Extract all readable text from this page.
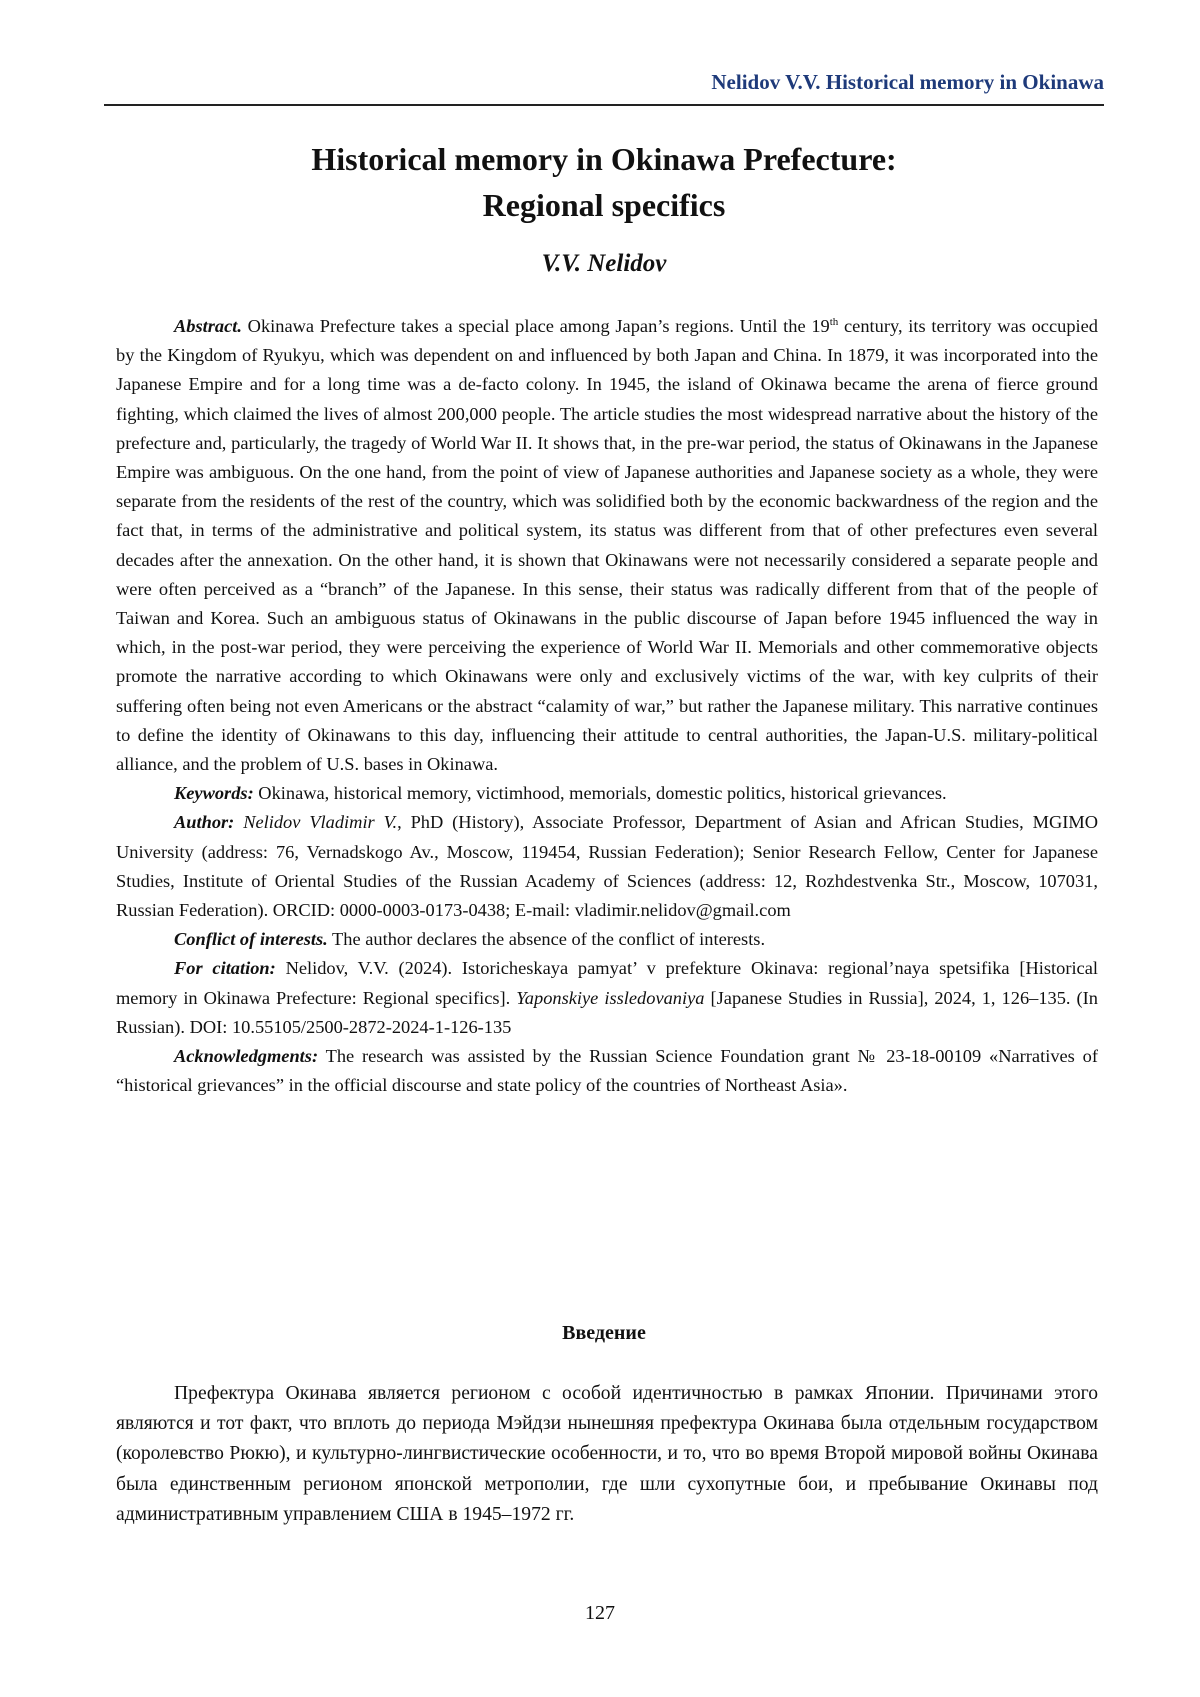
Nelidov V.V. Historical memory in Okinawa
Historical memory in Okinawa Prefecture:
Regional specifics
V.V. Nelidov

Abstract. Okinawa Prefecture takes a special place among Japan’s regions. Until the 19th century, its territory was occupied by the Kingdom of Ryukyu, which was dependent on and influenced by both Japan and China. In 1879, it was incorporated into the Japanese Empire and for a long time was a de-facto colony. In 1945, the island of Okinawa became the arena of fierce ground fighting, which claimed the lives of almost 200,000 people. The article studies the most widespread narrative about the history of the prefecture and, particularly, the tragedy of World War II. It shows that, in the pre-war period, the status of Okinawans in the Japanese Empire was ambiguous. On the one hand, from the point of view of Japanese authorities and Japanese society as a whole, they were separate from the residents of the rest of the country, which was solidified both by the economic backwardness of the region and the fact that, in terms of the administrative and political system, its status was different from that of other prefectures even several decades after the annexation. On the other hand, it is shown that Okinawans were not necessarily considered a separate people and were often perceived as a “branch” of the Japanese. In this sense, their status was radically different from that of the people of Taiwan and Korea. Such an ambiguous status of Okinawans in the public discourse of Japan before 1945 influenced the way in which, in the post-war period, they were perceiving the experience of World War II. Memorials and other commemorative objects promote the narrative according to which Okinawans were only and exclusively victims of the war, with key culprits of their suffering often being not even Americans or the abstract “calamity of war,” but rather the Japanese military. This narrative continues to define the identity of Okinawans to this day, influencing their attitude to central authorities, the Japan-U.S. military-political alliance, and the problem of U.S. bases in Okinawa.

Keywords: Okinawa, historical memory, victimhood, memorials, domestic politics, historical grievances.

Author: Nelidov Vladimir V., PhD (History), Associate Professor, Department of Asian and African Studies, MGIMO University (address: 76, Vernadskogo Av., Moscow, 119454, Russian Federation); Senior Research Fellow, Center for Japanese Studies, Institute of Oriental Studies of the Russian Academy of Sciences (address: 12, Rozhdestvenka Str., Moscow, 107031, Russian Federation). ORCID: 0000-0003-0173-0438; E-mail: vladimir.nelidov@gmail.com

Conflict of interests. The author declares the absence of the conflict of interests.

For citation: Nelidov, V.V. (2024). Istoricheskaya pamyat’ v prefekture Okinava: regional’naya spetsifika [Historical memory in Okinawa Prefecture: Regional specifics]. Yaponskiye issledovaniya [Japanese Studies in Russia], 2024, 1, 126–135. (In Russian). DOI: 10.55105/2500-2872-2024-1-126-135

Acknowledgments: The research was assisted by the Russian Science Foundation grant № 23-18-00109 «Narratives of “historical grievances” in the official discourse and state policy of the countries of Northeast Asia».

Введение

Префектура Окинава является регионом с особой идентичностью в рамках Японии. Причинами этого являются и тот факт, что вплоть до периода Мэйдзи нынешняя префектура Окинава была отдельным государством (королевство Рюкю), и культурно-лингвистические особенности, и то, что во время Второй мировой войны Окинава была единственным регионом японской метрополии, где шли сухопутные бои, и пребывание Окинавы под административным управлением США в 1945–1972 гг.

127
